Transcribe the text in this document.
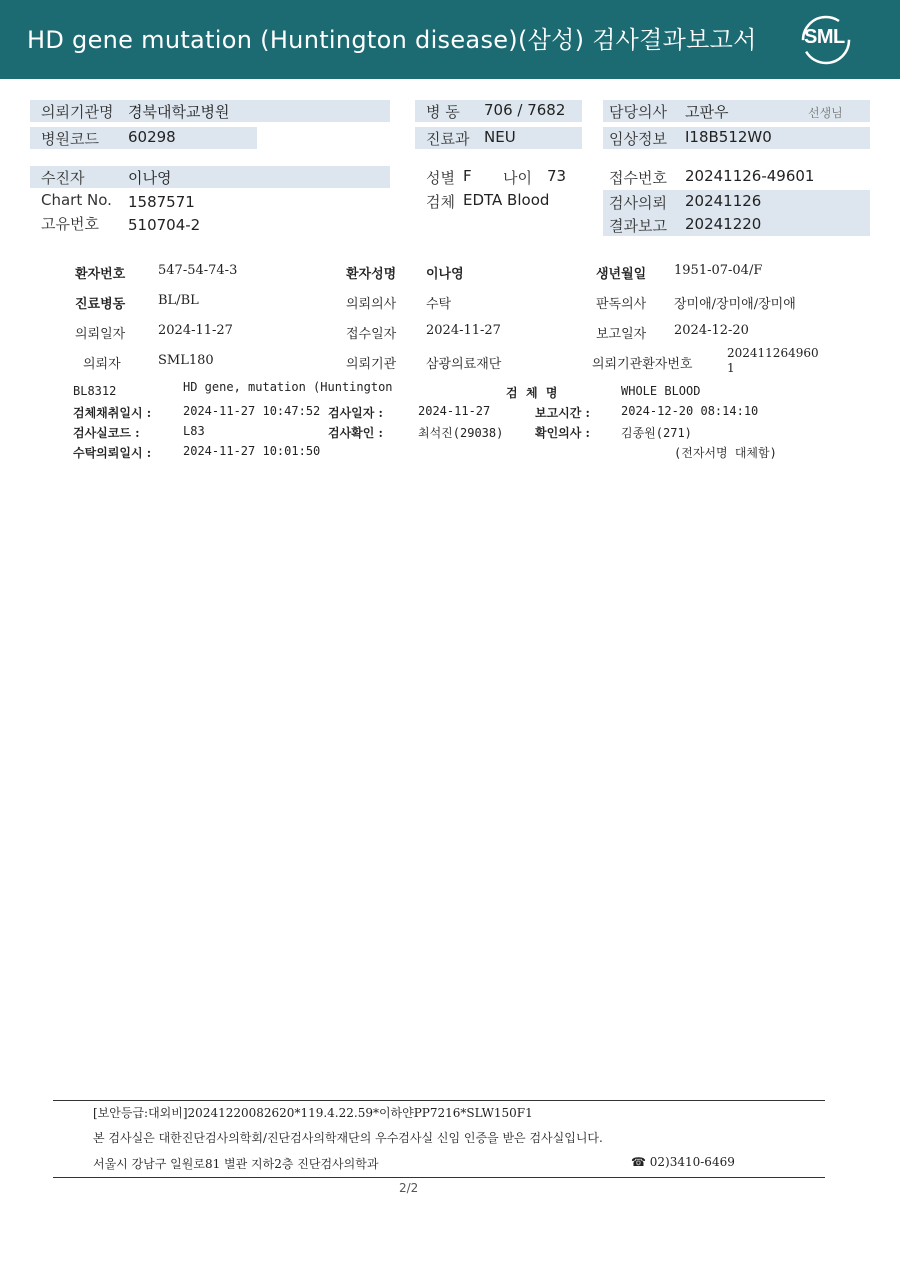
HD gene mutation (Huntington disease)(삼성) 검사결과보고서 SML
의뢰기관명 경북대학교병원
병원코드 60298
병 동 706 / 7682
진료과 NEU
담당의사 고판우	선생님
임상정보 I18B512W0
수진자	이나영
Chart No. 1587571
고유번호 510704-2
성별 F 나이 73
검체 EDTA Blood
접수번호 20241126-49601
검사의뢰 20241126
결과보고 20241220
환자번호	547-54-74-3	환자성명 이나영	생년월일 1951-07-04/F
진료병동	BL/BL	의뢰의사 수탁	판독의사 장미애/장미애/장미애
의뢰일자	2024-11-27	접수일자 2024-11-27	보고일자 2024-12-20
의뢰자	SML180	의뢰기관 삼광의료재단	의뢰기관환자번호
202411264960
1
BL8312	HD gene, mutation (Huntington	검  체  명	WHOLE BLOOD
검체채취일시 :	2024-11-27 10:47:52 검사일자 :	2024-11-27	보고시간 :	2024-12-20 08:14:10
검사실코드 :	L83	검사확인 :	최석진(29038)	확인의사 :	김종원(271)
수탁의뢰일시 :	2024-11-27 10:01:50	(전자서명 대체함)
[보안등급:대외비]20241220082620*119.4.22.59*이하얀PP7216*SLW150F1
본 검사실은 대한진단검사의학회/진단검사의학재단의 우수검사실 신임 인증을 받은 검사실입니다.
서울시 강남구 일원로81 별관 지하2층 진단검사의학과	☎ 02)3410-6469
2/2
